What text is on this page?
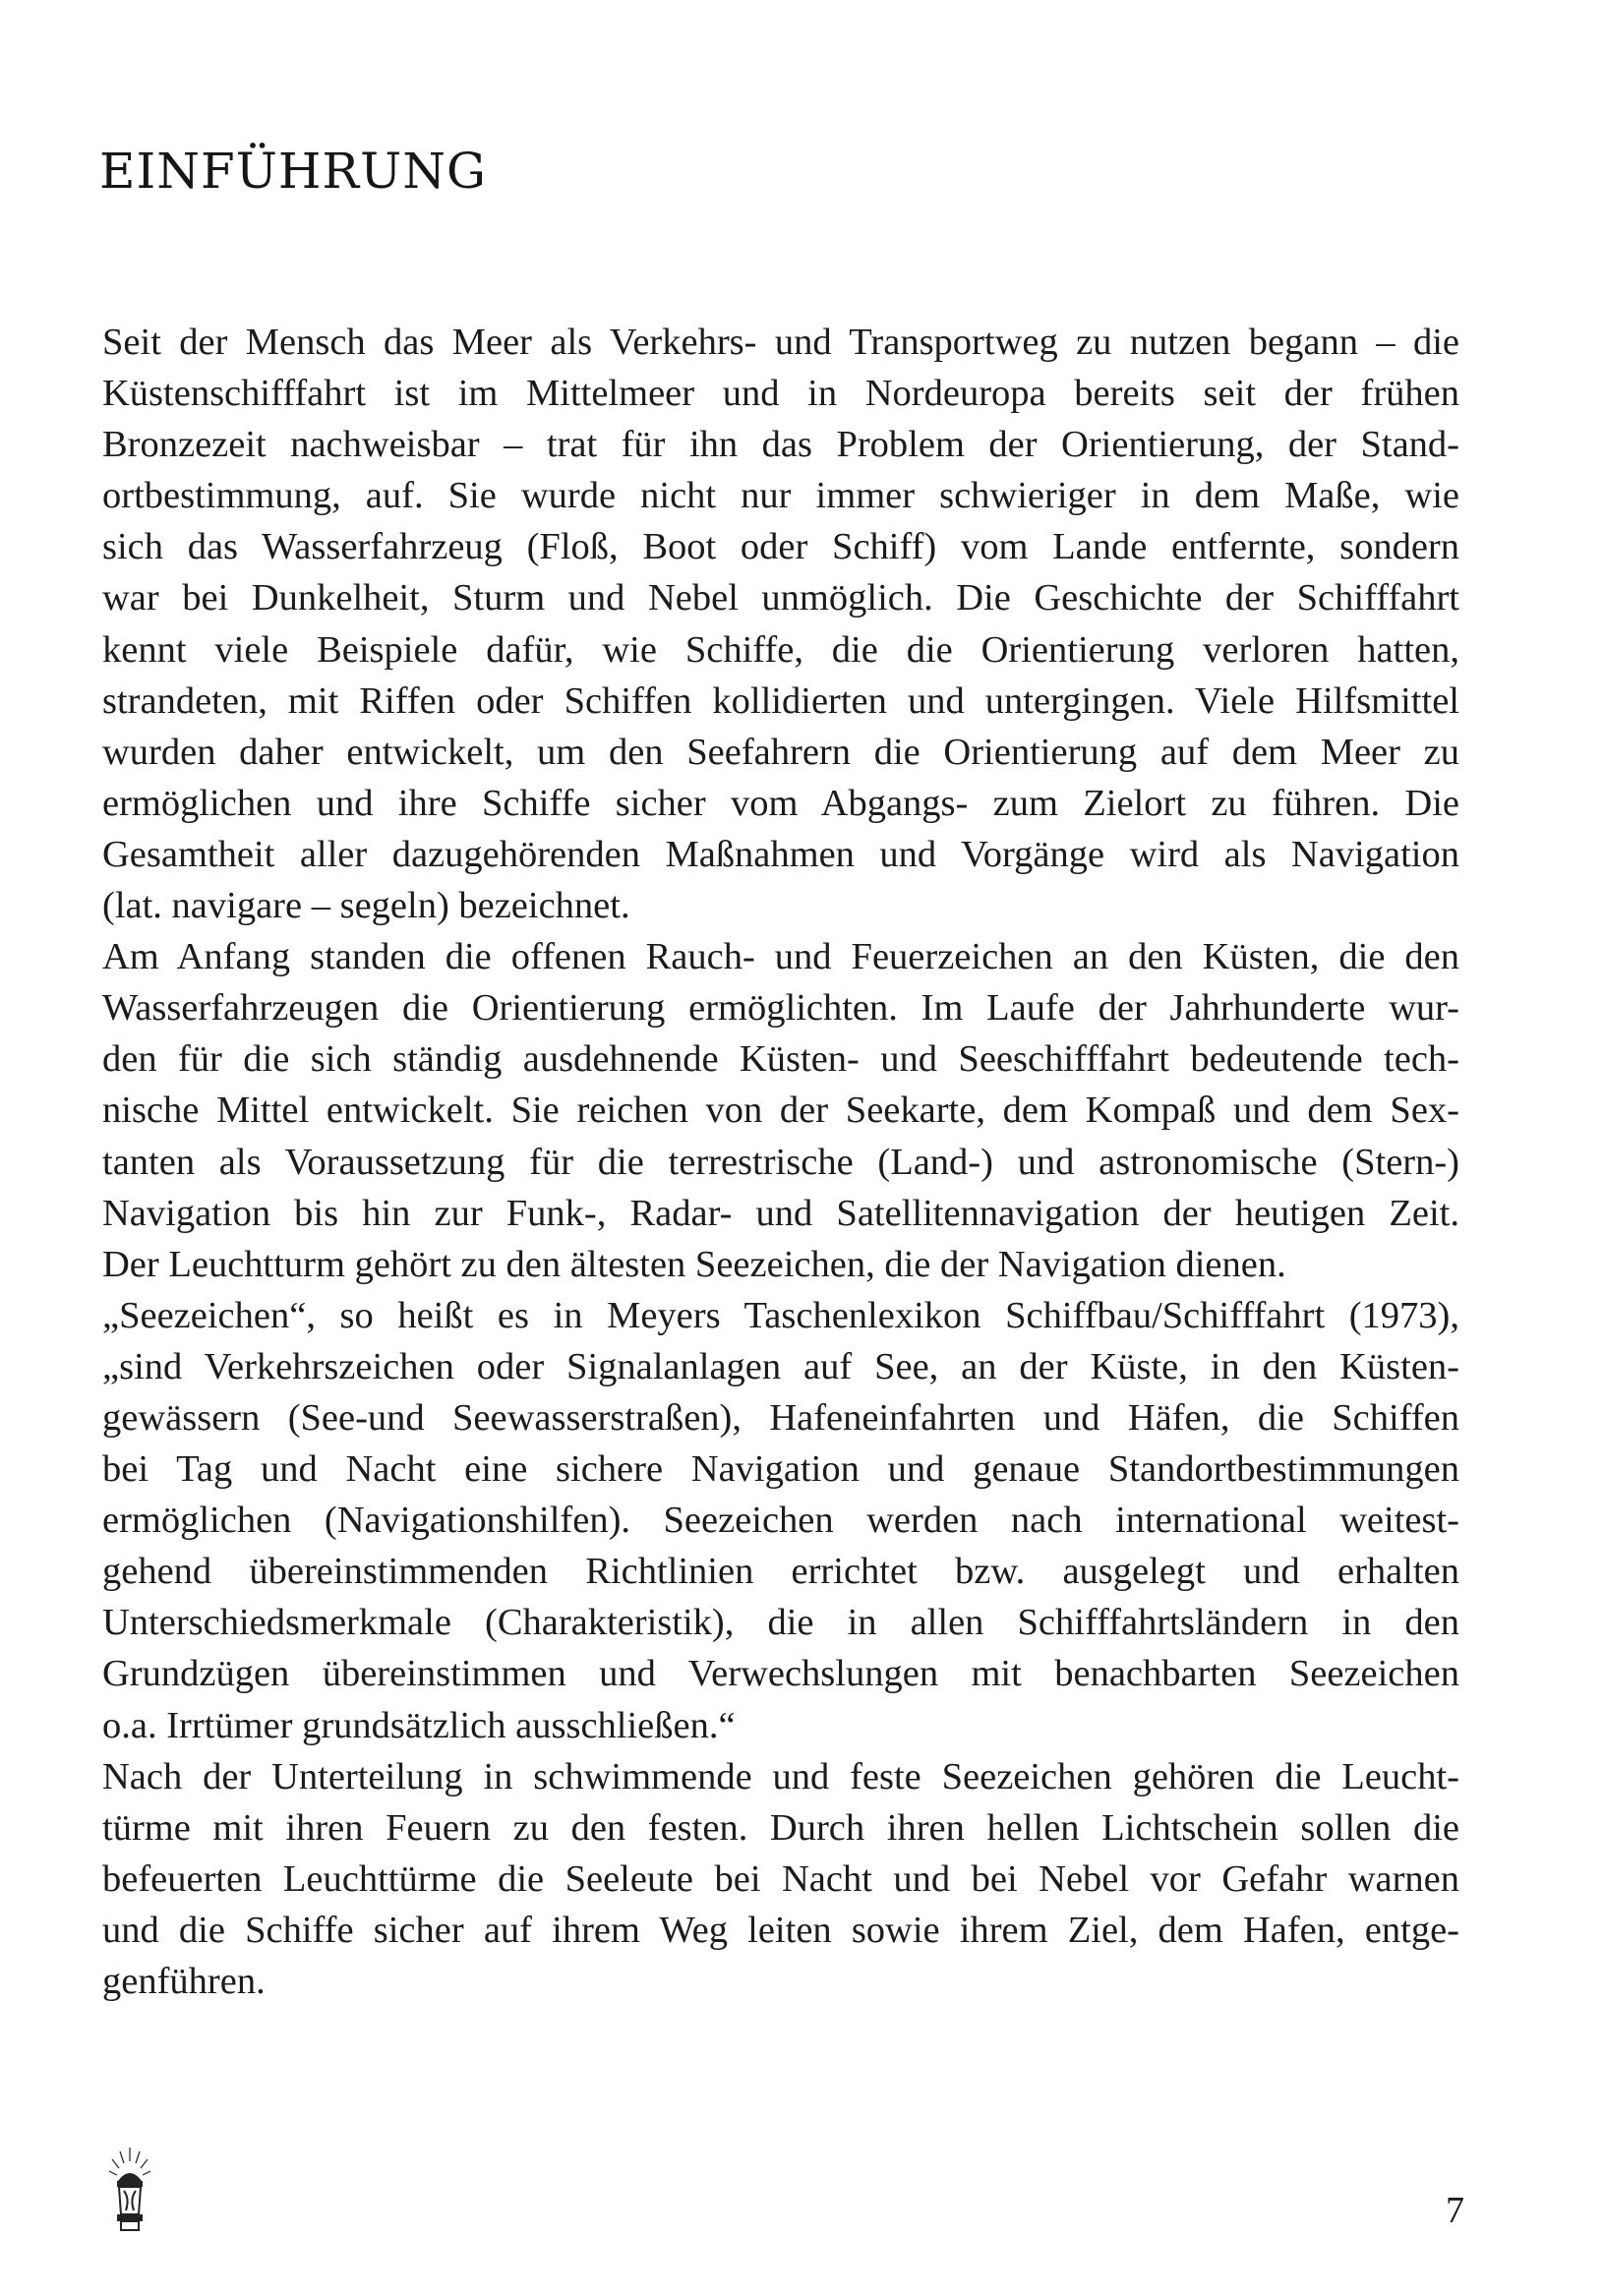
EINFÜHRUNG
Seit der Mensch das Meer als Verkehrs- und Transportweg zu nutzen begann – die
Küstenschifffahrt ist im Mittelmeer und in Nordeuropa bereits seit der frühen
Bronzezeit nachweisbar – trat für ihn das Problem der Orientierung, der Stand-
ortbestimmung, auf. Sie wurde nicht nur immer schwieriger in dem Maße, wie
sich das Wasserfahrzeug (Floß, Boot oder Schiff) vom Lande entfernte, sondern
war bei Dunkelheit, Sturm und Nebel unmöglich. Die Geschichte der Schifffahrt
kennt viele Beispiele dafür, wie Schiffe, die die Orientierung verloren hatten,
strandeten, mit Riffen oder Schiffen kollidierten und untergingen. Viele Hilfsmittel
wurden daher entwickelt, um den Seefahrern die Orientierung auf dem Meer zu
ermöglichen und ihre Schiffe sicher vom Abgangs- zum Zielort zu führen. Die
Gesamtheit aller dazugehörenden Maßnahmen und Vorgänge wird als Navigation
(lat. navigare – segeln) bezeichnet.
Am Anfang standen die offenen Rauch- und Feuerzeichen an den Küsten, die den
Wasserfahrzeugen die Orientierung ermöglichten. Im Laufe der Jahrhunderte wur-
den für die sich ständig ausdehnende Küsten- und Seeschifffahrt bedeutende tech-
nische Mittel entwickelt. Sie reichen von der Seekarte, dem Kompaß und dem Sex-
tanten als Voraussetzung für die terrestrische (Land-) und astronomische (Stern-)
Navigation bis hin zur Funk-, Radar- und Satellitennavigation der heutigen Zeit.
Der Leuchtturm gehört zu den ältesten Seezeichen, die der Navigation dienen.
„Seezeichen“, so heißt es in Meyers Taschenlexikon Schiffbau/Schifffahrt (1973),
„sind Verkehrszeichen oder Signalanlagen auf See, an der Küste, in den Küsten-
gewässern (See-und Seewasserstraßen), Hafeneinfahrten und Häfen, die Schiffen
bei Tag und Nacht eine sichere Navigation und genaue Standortbestimmungen
ermöglichen (Navigationshilfen). Seezeichen werden nach international weitest-
gehend übereinstimmenden Richtlinien errichtet bzw. ausgelegt und erhalten
Unterschiedsmerkmale (Charakteristik), die in allen Schifffahrtsländern in den
Grundzügen übereinstimmen und Verwechslungen mit benachbarten Seezeichen
o.a. Irrtümer grundsätzlich ausschließen.“
Nach der Unterteilung in schwimmende und feste Seezeichen gehören die Leucht-
türme mit ihren Feuern zu den festen. Durch ihren hellen Lichtschein sollen die
befeuerten Leuchttürme die Seeleute bei Nacht und bei Nebel vor Gefahr warnen
und die Schiffe sicher auf ihrem Weg leiten sowie ihrem Ziel, dem Hafen, entge-
genführen.
7
